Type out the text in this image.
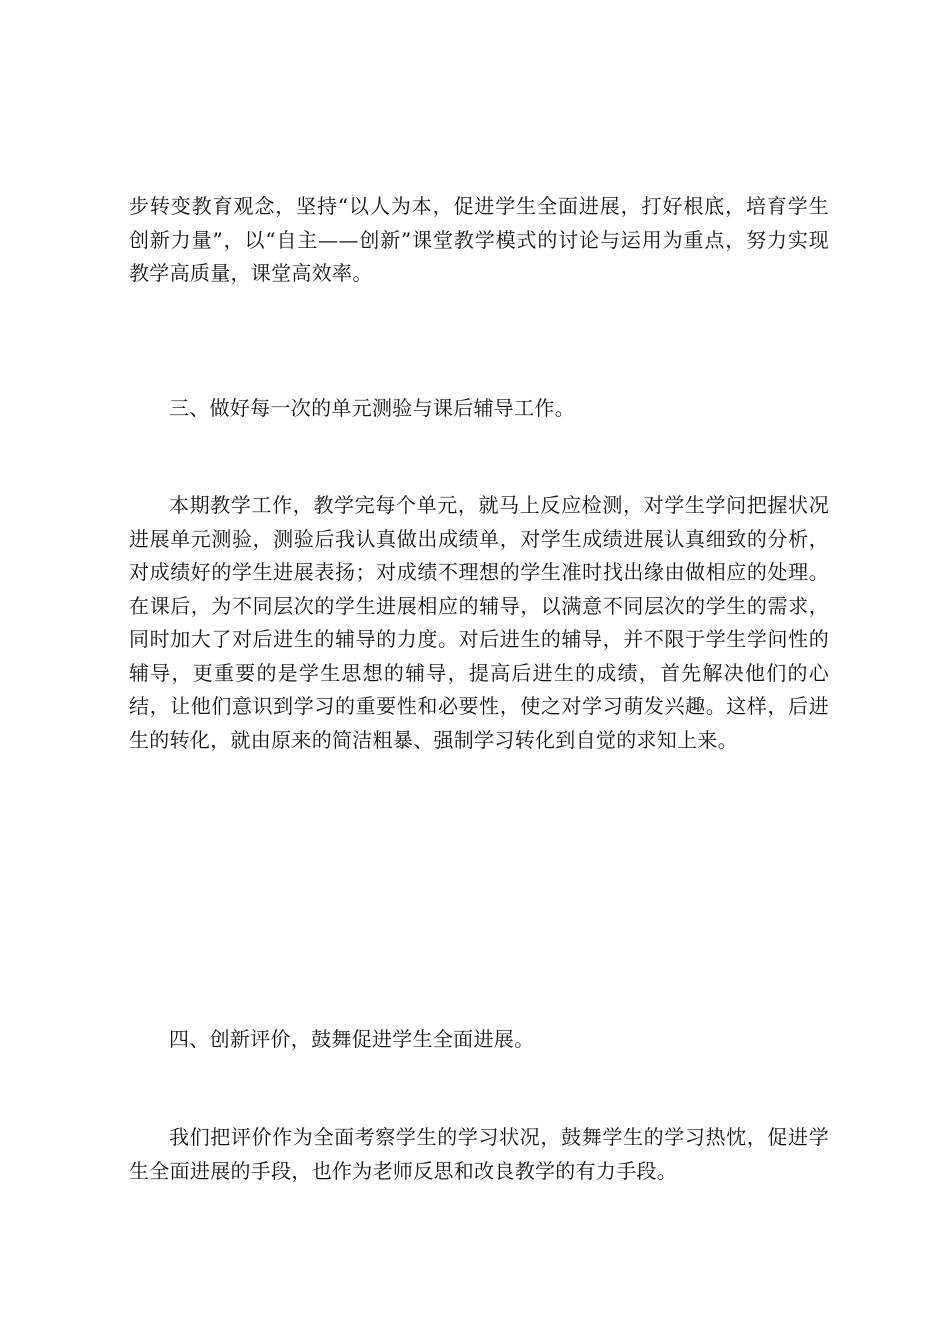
步转变教育观念，坚持“以人为本，促进学生全面进展，打好根底，培育学生创新力量”，以“自主——创新”课堂教学模式的讨论与运用为重点，努力实现教学高质量，课堂高效率。

三、做好每一次的单元测验与课后辅导工作。

本期教学工作，教学完每个单元，就马上反应检测，对学生学问把握状况进展单元测验，测验后我认真做出成绩单，对学生成绩进展认真细致的分析，对成绩好的学生进展表扬；对成绩不理想的学生准时找出缘由做相应的处理。在课后，为不同层次的学生进展相应的辅导，以满意不同层次的学生的需求，同时加大了对后进生的辅导的力度。对后进生的辅导，并不限于学生学问性的辅导，更重要的是学生思想的辅导，提高后进生的成绩，首先解决他们的心结，让他们意识到学习的重要性和必要性，使之对学习萌发兴趣。这样，后进生的转化，就由原来的简洁粗暴、强制学习转化到自觉的求知上来。

四、创新评价，鼓舞促进学生全面进展。

我们把评价作为全面考察学生的学习状况，鼓舞学生的学习热忱，促进学生全面进展的手段，也作为老师反思和改良教学的有力手段。
